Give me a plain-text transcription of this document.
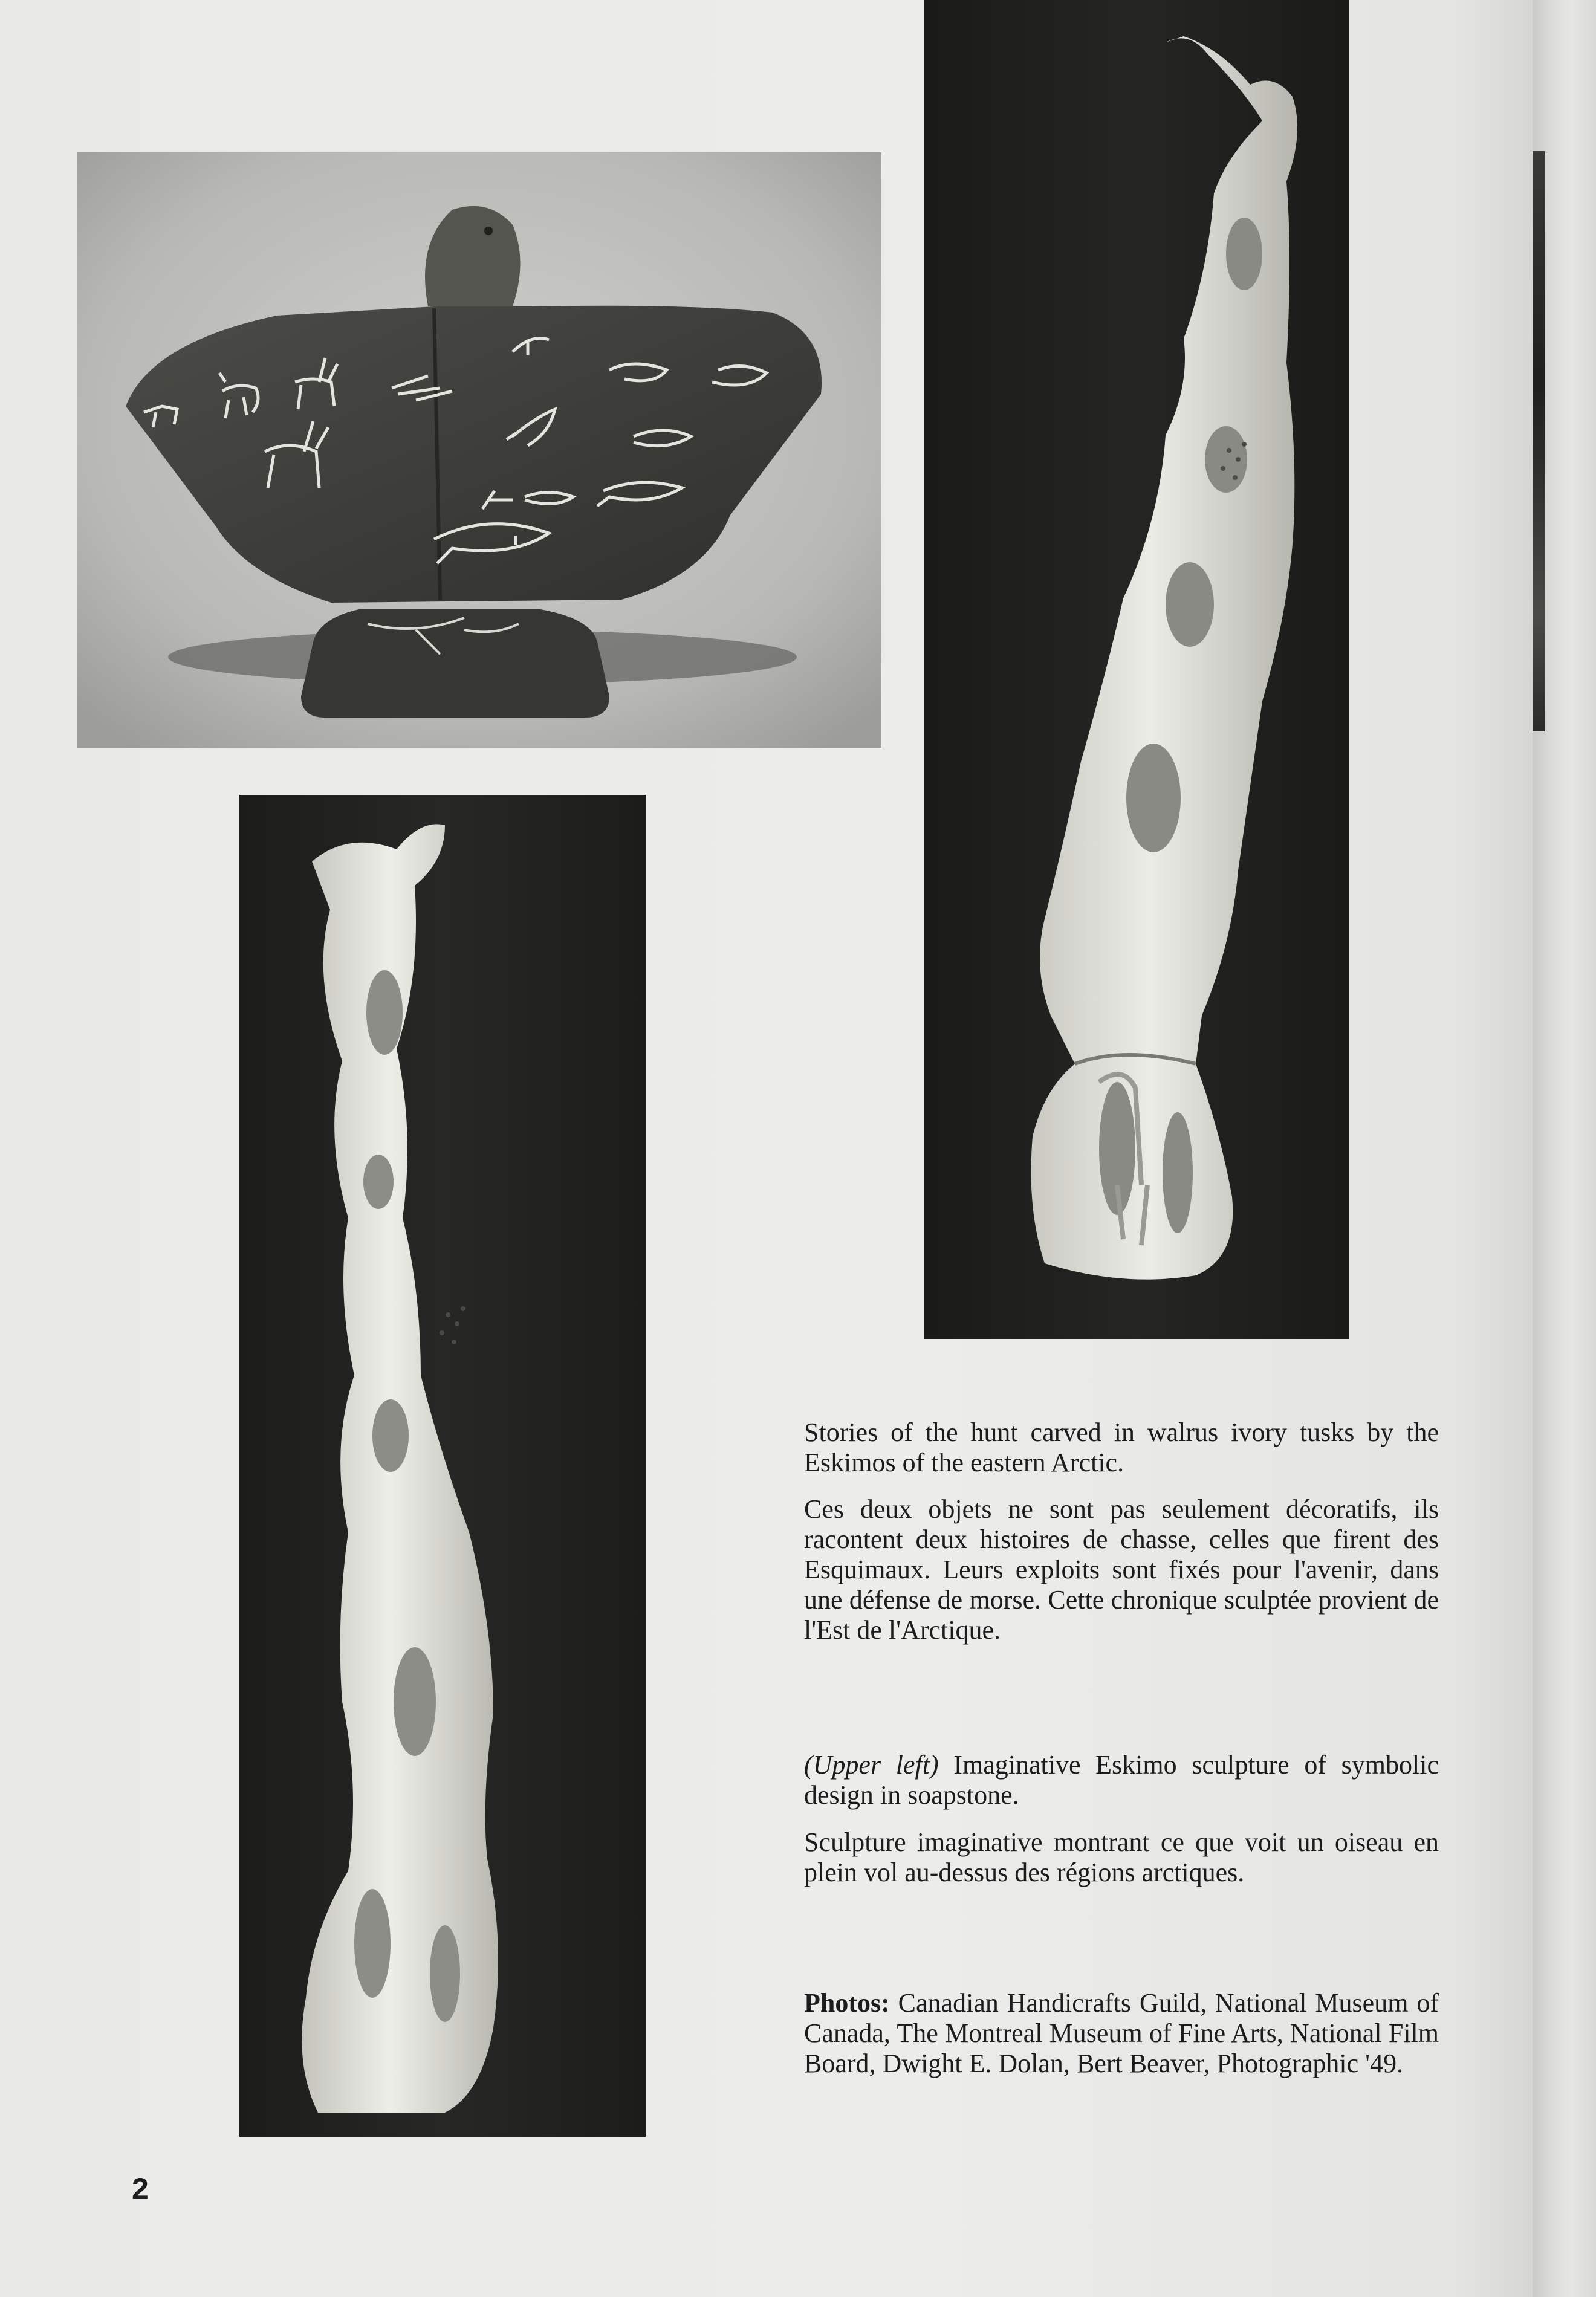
Stories of the hunt carved in walrus ivory tusks by the Eskimos of the eastern Arctic.
Ces deux objets ne sont pas seulement décoratifs, ils racontent deux histoires de chasse, celles que firent des Esquimaux. Leurs exploits sont fixés pour l'avenir, dans une défense de morse. Cette chronique sculptée provient de l'Est de l'Arctique.
(Upper left) Imaginative Eskimo sculpture of symbolic design in soapstone.
Sculpture imaginative montrant ce que voit un oiseau en plein vol au-dessus des régions arctiques.
Photos: Canadian Handicrafts Guild, National Museum of Canada, The Montreal Museum of Fine Arts, National Film Board, Dwight E. Dolan, Bert Beaver, Photographic '49.
2
